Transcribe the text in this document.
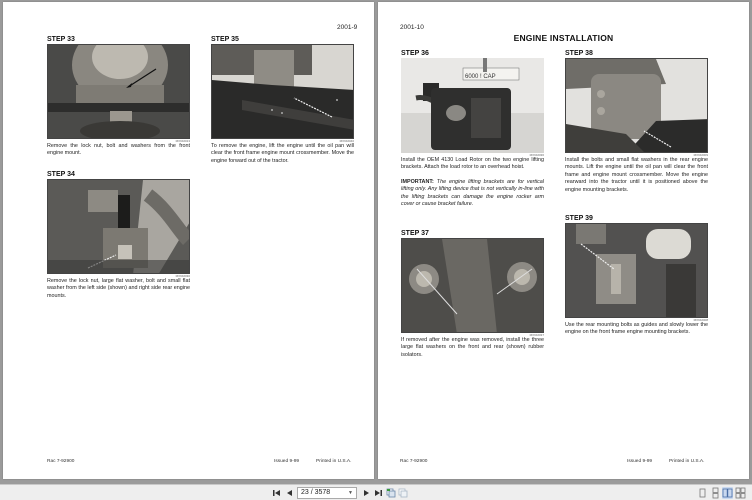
2001-9
STEP 33
MX99J013
Remove the lock nut, bolt and washers from the front engine mount.
STEP 34
MX99J030
Remove the lock nut, large flat washer, bolt and small flat washer from the left side (shown) and right side rear engine mounts.
STEP 35
MX99J040
To remove the engine, lift the engine until the oil pan will clear the front frame engine mount crossmember. Move the engine forward out of the tractor.
Rac 7-92900	Issued 9-99	Printed in U.S.A.
2001-10
ENGINE INSTALLATION
STEP 36
6000 ! CAP
MX99J036
Install the OEM 4130 Load Rotor on the two engine lifting brackets. Attach the load rotor to an overhead hoist.
IMPORTANT: The engine lifting brackets are for vertical lifting only. Any lifting device that is not vertically in-line with the lifting brackets can damage the engine rocker arm cover or cause bracket failure.
STEP 37
MX99J037
If removed after the engine was removed, install the three large flat washers on the front and rear (shown) rubber isolators.
STEP 38
MX99J009
Install the bolts and small flat washers in the rear engine mounts. Lift the engine until the oil pan will clear the front frame and engine mount crossmember. Move the engine rearward into the tractor until it is positioned above the engine mounting brackets.
STEP 39
MX99J008
Use the rear mounting bolts as guides and slowly lower the engine on the front frame engine mounting brackets.
Rac 7-92900	Issued 9-99	Printed in U.S.A.
23 / 3578	▼
